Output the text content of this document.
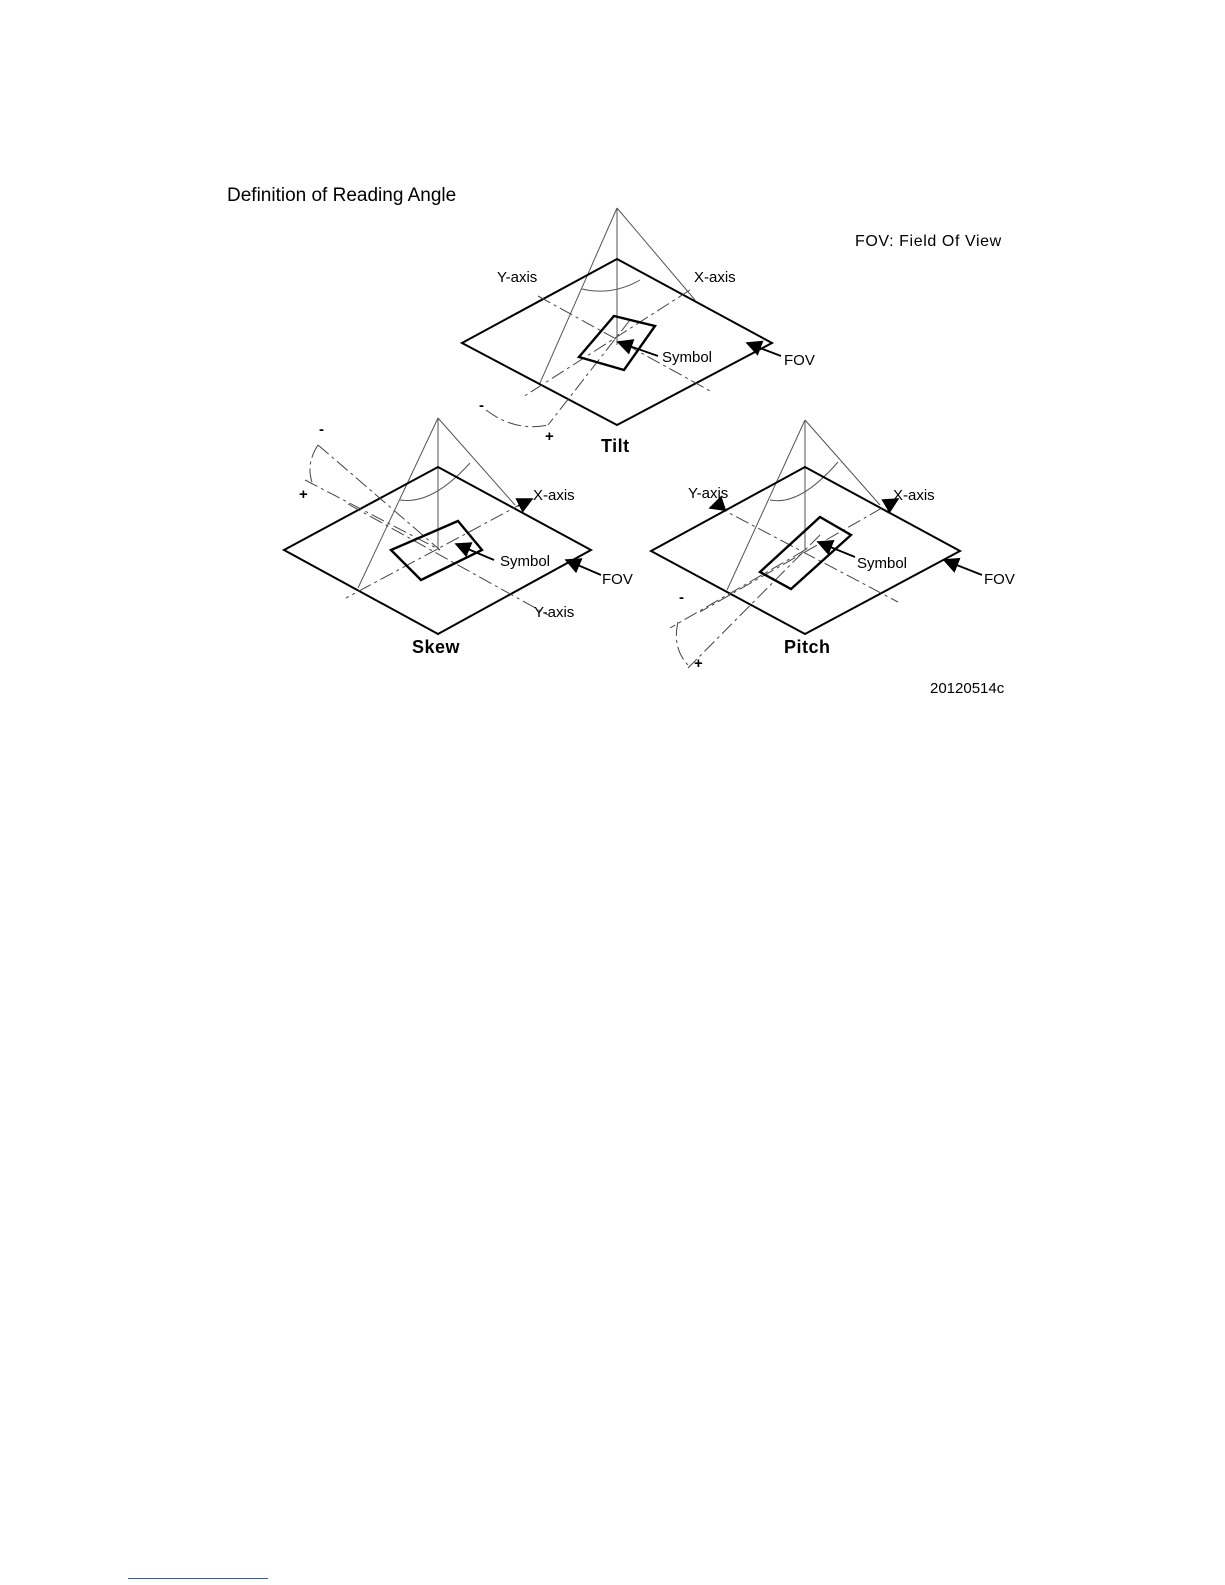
Definition of Reading Angle
FOV: Field Of View
Y-axis	X-axis
Symbol	FOV
-
+	Tilt
X-axis
Y-axis
Symbol
FOV
-
+
Skew
Y-axis	X-axis
Symbol
FOV
-
+
Pitch
20120514c
